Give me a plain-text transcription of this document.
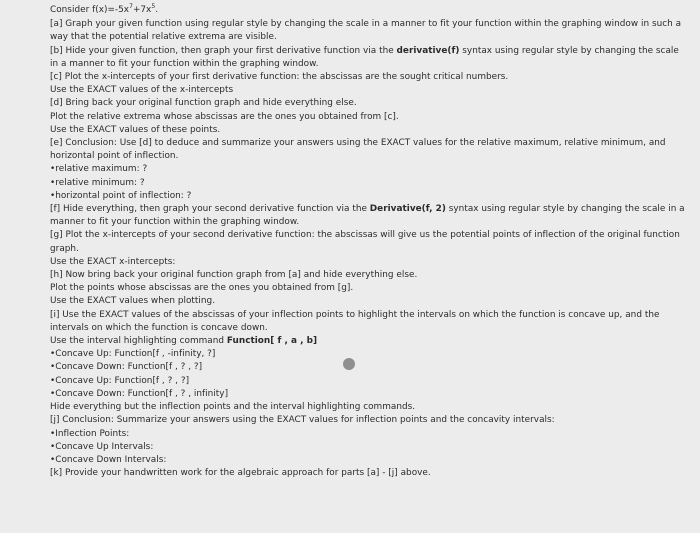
Consider $f(x)=-5x^7+7x^5$.
[a] Graph your given function using regular style by changing the scale in a manner to fit your function within the graphing window in such a way that the potential relative extrema are visible.
[b] Hide your given function, then graph your first derivative function via the derivative(f) syntax using regular style by changing the scale in a manner to fit your function within the graphing window.
[c] Plot the x-intercepts of your first derivative function: the abscissas are the sought critical numbers.
Use the EXACT values of the x-intercepts
[d] Bring back your original function graph and hide everything else.
Plot the relative extrema whose abscissas are the ones you obtained from [c].
Use the EXACT values of these points.
[e] Conclusion: Use [d] to deduce and summarize your answers using the EXACT values for the relative maximum, relative minimum, and horizontal point of inflection.
•relative maximum: ?
•relative minimum: ?
•horizontal point of inflection: ?
[f] Hide everything, then graph your second derivative function via the Derivative(f, 2) syntax using regular style by changing the scale in a manner to fit your function within the graphing window.
[g] Plot the x-intercepts of your second derivative function: the abscissas will give us the potential points of inflection of the original function graph.
Use the EXACT x-intercepts:
[h] Now bring back your original function graph from [a] and hide everything else.
Plot the points whose abscissas are the ones you obtained from [g].
Use the EXACT values when plotting.
[i] Use the EXACT values of the abscissas of your inflection points to highlight the intervals on which the function is concave up, and the intervals on which the function is concave down.
Use the interval highlighting command Function[ f , a , b]
•Concave Up: Function[f , -infinity, ?]
•Concave Down: Function[f , ? , ?]
•Concave Up: Function[f , ? , ?]
•Concave Down: Function[f , ? , infinity]
Hide everything but the inflection points and the interval highlighting commands.
[j] Conclusion: Summarize your answers using the EXACT values for inflection points and the concavity intervals:
•Inflection Points:
•Concave Up Intervals:
•Concave Down Intervals:
[k] Provide your handwritten work for the algebraic approach for parts [a] - [j] above.
